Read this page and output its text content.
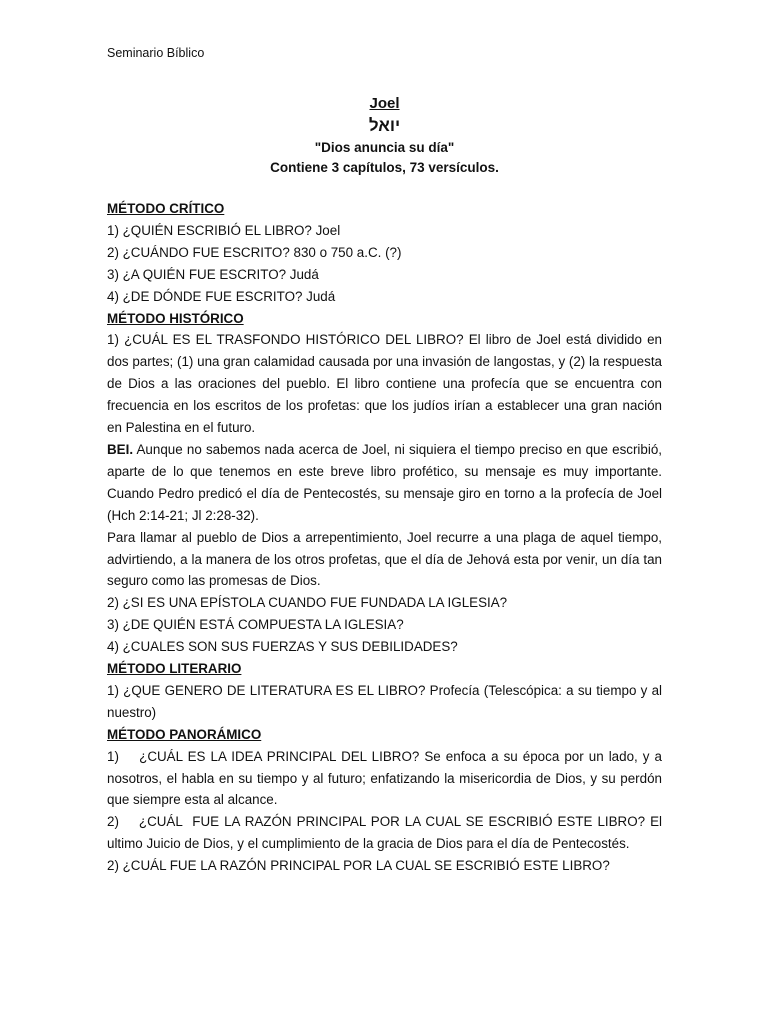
Seminario Bíblico
Joel
יואל
"Dios anuncia su día"
Contiene 3 capítulos, 73 versículos.
MÉTODO CRÍTICO

1) ¿QUIÉN ESCRIBIÓ EL LIBRO? Joel

2) ¿CUÁNDO FUE ESCRITO? 830 o 750 a.C. (?)

3) ¿A QUIÉN FUE ESCRITO? Judá

4) ¿DE DÓNDE FUE ESCRITO? Judá

MÉTODO HISTÓRICO

1) ¿CUÁL ES EL TRASFONDO HISTÓRICO DEL LIBRO? El libro de Joel está dividido en dos partes; (1) una gran calamidad causada por una invasión de langostas, y (2) la respuesta de Dios a las oraciones del pueblo. El libro contiene una profecía que se encuentra con frecuencia en los escritos de los profetas: que los judíos irían a establecer una gran nación en Palestina en el futuro.

BEI. Aunque no sabemos nada acerca de Joel, ni siquiera el tiempo preciso en que escribió, aparte de lo que tenemos en este breve libro profético, su mensaje es muy importante. Cuando Pedro predicó el día de Pentecostés, su mensaje giro en torno a la profecía de Joel (Hch 2:14-21; Jl 2:28-32).

Para llamar al pueblo de Dios a arrepentimiento, Joel recurre a una plaga de aquel tiempo, advirtiendo, a la manera de los otros profetas, que el día de Jehová esta por venir, un día tan seguro como las promesas de Dios.

2) ¿SI ES UNA EPÍSTOLA CUANDO FUE FUNDADA LA IGLESIA?

3) ¿DE QUIÉN ESTÁ COMPUESTA LA IGLESIA?

4) ¿CUALES SON SUS FUERZAS Y SUS DEBILIDADES?

MÉTODO LITERARIO

1) ¿QUE GENERO DE LITERATURA ES EL LIBRO? Profecía (Telescópica: a su tiempo y al nuestro)

MÉTODO PANORÁMICO

1)    ¿CUÁL ES LA IDEA PRINCIPAL DEL LIBRO? Se enfoca a su época por un lado, y a nosotros, el habla en su tiempo y al futuro; enfatizando la misericordia de Dios, y su perdón que siempre esta al alcance.

2)    ¿CUÁL  FUE LA RAZÓN PRINCIPAL POR LA CUAL SE ESCRIBIÓ ESTE LIBRO? El ultimo Juicio de Dios, y el cumplimiento de la gracia de Dios para el día de Pentecostés.

2) ¿CUÁL FUE LA RAZÓN PRINCIPAL POR LA CUAL SE ESCRIBIÓ ESTE LIBRO?
